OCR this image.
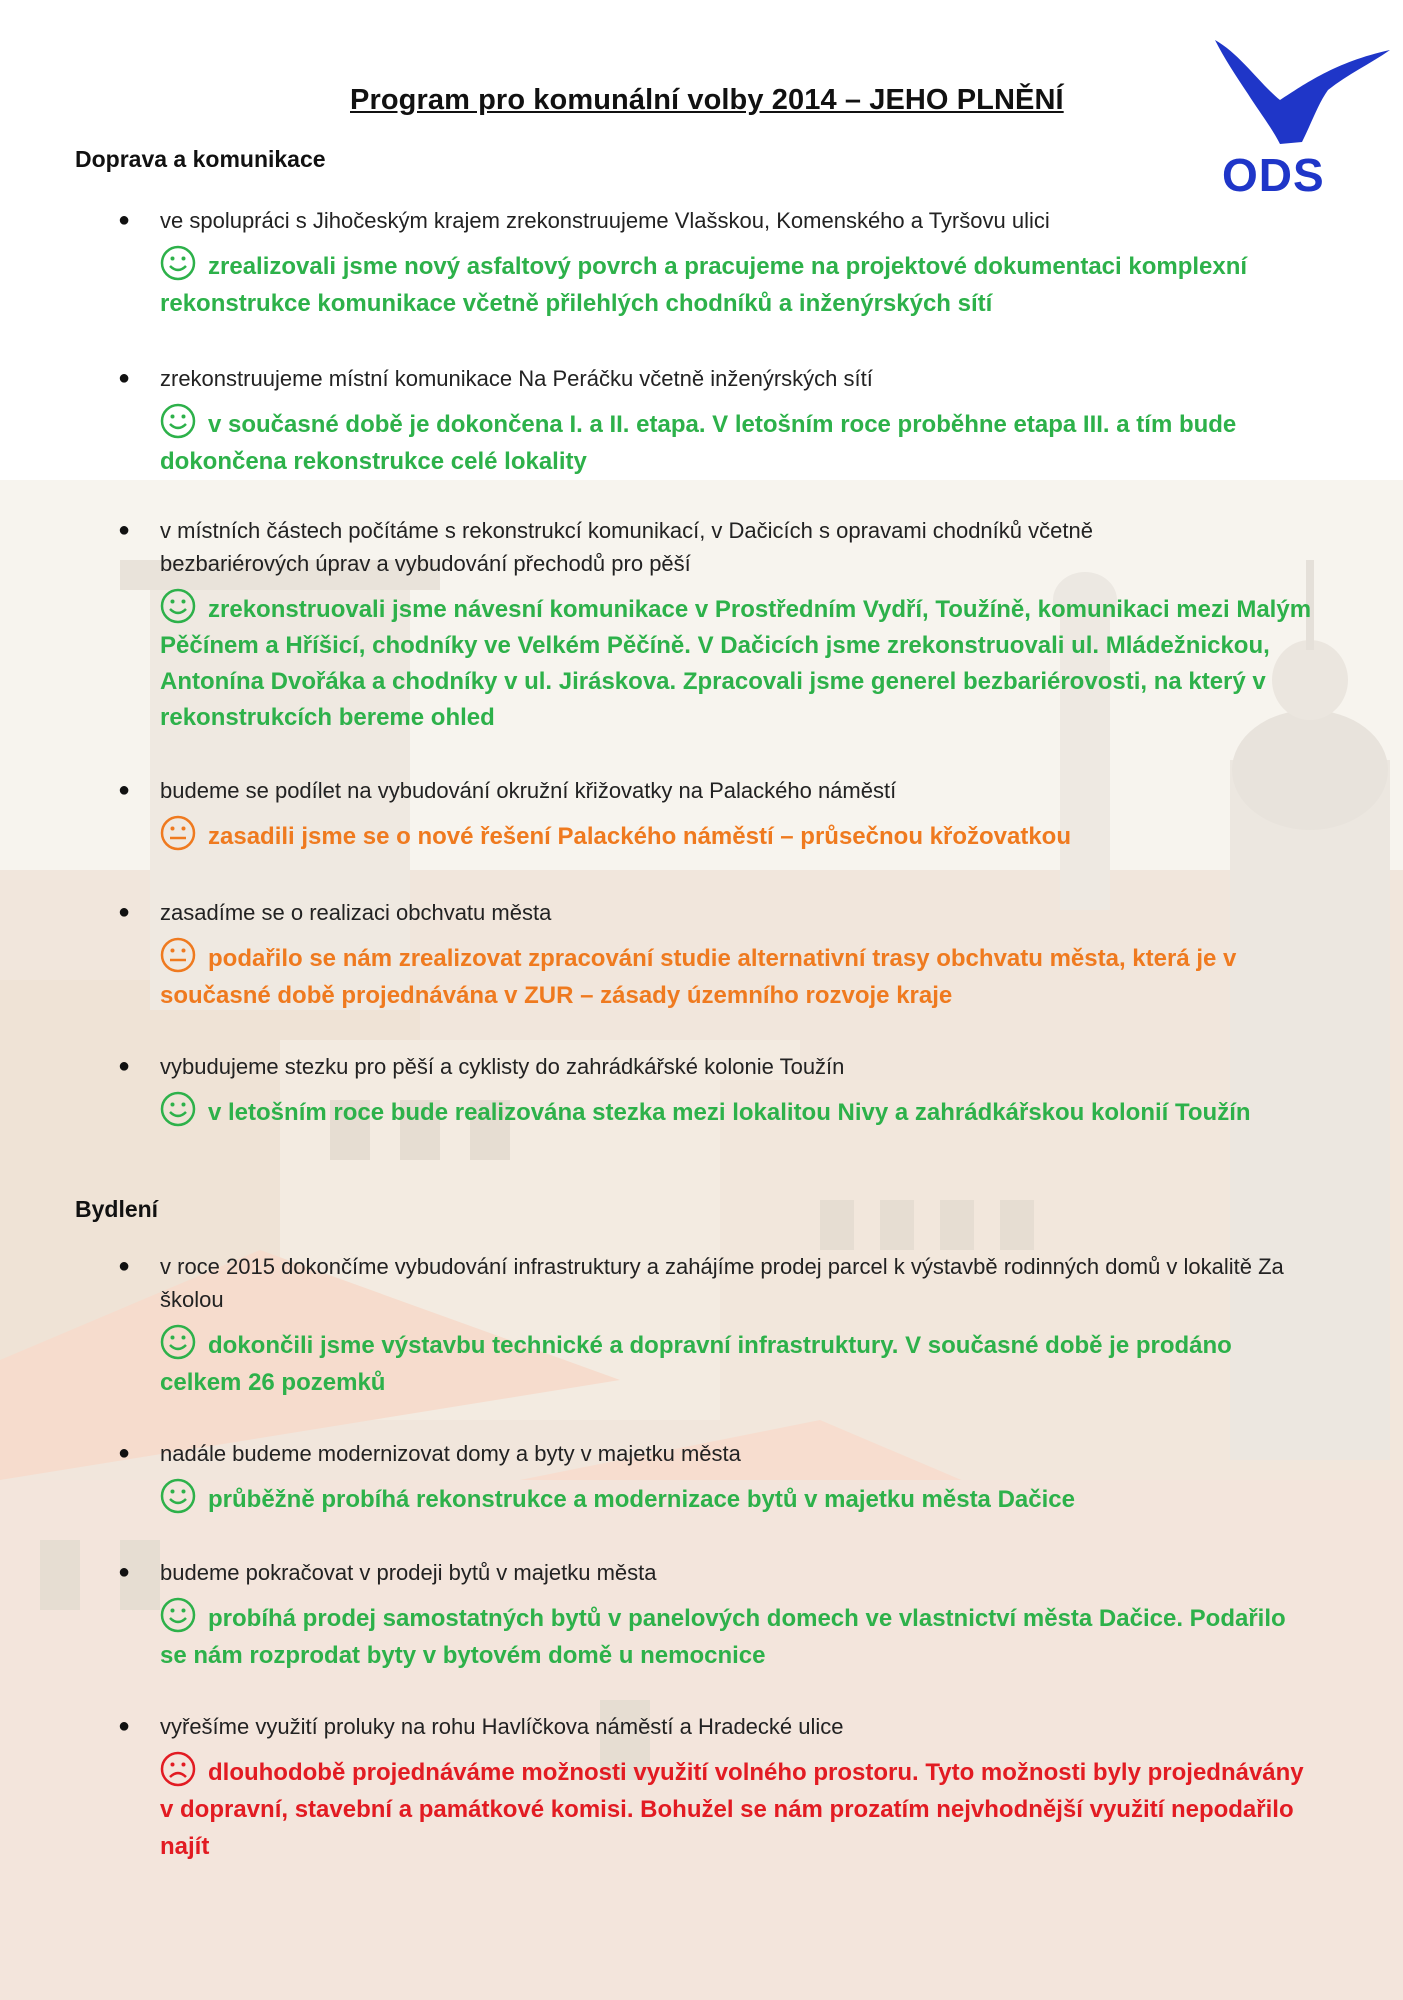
Program pro komunální volby 2014 – JEHO PLNĚNÍ
ODS
Doprava a komunikace
● ve spolupráci s Jihočeským krajem zrekonstruujeme Vlašskou, Komenského a Tyršovu ulici
zrealizovali jsme nový asfaltový povrch a pracujeme na projektové dokumentaci komplexní rekonstrukce komunikace včetně přilehlých chodníků a inženýrských sítí
● zrekonstruujeme místní komunikace Na Peráčku včetně inženýrských sítí
v současné době je dokončena I. a II. etapa. V letošním roce proběhne etapa III. a tím bude dokončena rekonstrukce celé lokality
● v místních částech počítáme s rekonstrukcí komunikací, v Dačicích s opravami chodníků včetně bezbariérových úprav a vybudování přechodů pro pěší
zrekonstruovali jsme návesní komunikace v Prostředním Vydří, Toužíně, komunikaci mezi Malým Pěčínem a Hříšicí, chodníky ve Velkém Pěčíně. V Dačicích jsme zrekonstruovali ul. Mládežnickou, Antonína Dvořáka a chodníky v ul. Jiráskova. Zpracovali jsme generel bezbariérovosti, na který v rekonstrukcích bereme ohled
● budeme se podílet na vybudování okružní křižovatky na Palackého náměstí
zasadili jsme se o nové řešení Palackého náměstí – průsečnou křožovatkou
● zasadíme se o realizaci obchvatu města
podařilo se nám zrealizovat zpracování studie alternativní trasy obchvatu města, která je v současné době projednávána v ZUR – zásady územního rozvoje kraje
● vybudujeme stezku pro pěší a cyklisty do zahrádkářské kolonie Toužín
v letošním roce bude realizována stezka mezi lokalitou Nivy a zahrádkářskou kolonií Toužín
Bydlení
● v roce 2015 dokončíme vybudování infrastruktury a zahájíme prodej parcel k výstavbě rodinných domů v lokalitě Za školou
dokončili jsme výstavbu technické a dopravní infrastruktury. V současné době je prodáno celkem 26 pozemků
● nadále budeme modernizovat domy a byty v majetku města
průběžně probíhá rekonstrukce a modernizace bytů v majetku města Dačice
● budeme pokračovat v prodeji bytů v majetku města
probíhá prodej samostatných bytů v panelových domech ve vlastnictví města Dačice. Podařilo se nám rozprodat byty v bytovém domě u nemocnice
● vyřešíme využití proluky na rohu Havlíčkova náměstí a Hradecké ulice
dlouhodobě projednáváme možnosti využití volného prostoru. Tyto možnosti byly projednávány v dopravní, stavební a památkové komisi. Bohužel se nám prozatím nejvhodnější využití nepodařilo najít
